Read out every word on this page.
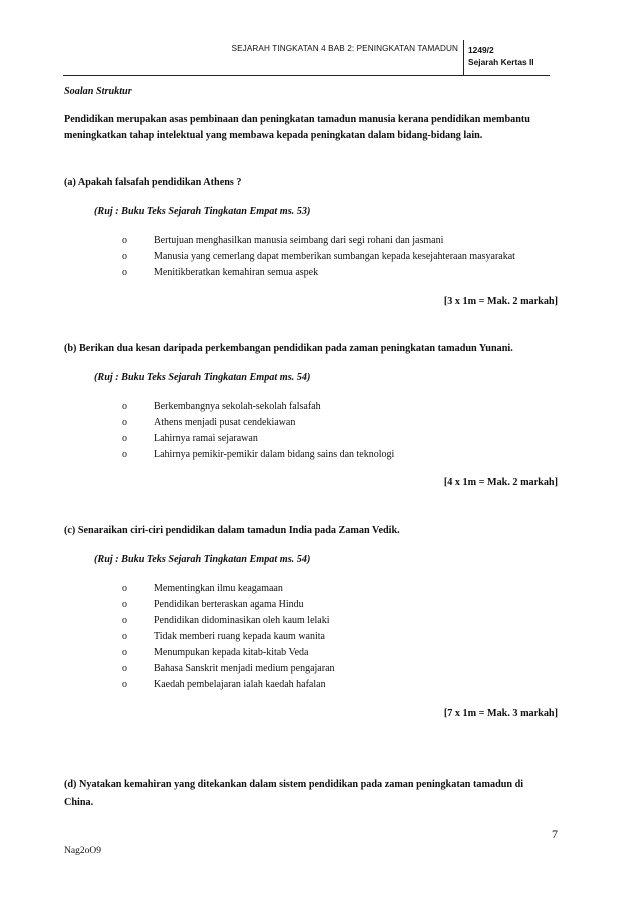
SEJARAH TINGKATAN 4 BAB 2: PENINGKATAN TAMADUN 1249/2
Sejarah Kertas II
Soalan Struktur
Pendidikan merupakan asas pembinaan dan peningkatan tamadun manusia kerana pendidikan membantu
meningkatkan tahap intelektual yang membawa kepada peningkatan dalam bidang-bidang lain.
(a) Apakah falsafah pendidikan Athens ?
(Ruj : Buku Teks Sejarah Tingkatan Empat ms. 53)
o	Bertujuan menghasilkan manusia seimbang dari segi rohani dan jasmani
o	Manusia yang cemerlang dapat memberikan sumbangan kepada kesejahteraan masyarakat
o	Menitikberatkan kemahiran semua aspek
[3 x 1m = Mak. 2 markah]
(b) Berikan dua kesan daripada perkembangan pendidikan pada zaman peningkatan tamadun Yunani.
(Ruj : Buku Teks Sejarah Tingkatan Empat ms. 54)
o	Berkembangnya sekolah-sekolah falsafah
o	Athens menjadi pusat cendekiawan
o	Lahirnya ramai sejarawan
o	Lahirnya pemikir-pemikir dalam bidang sains dan teknologi
[4 x 1m = Mak. 2 markah]
(c) Senaraikan ciri-ciri pendidikan dalam tamadun India pada Zaman Vedik.
(Ruj : Buku Teks Sejarah Tingkatan Empat ms. 54)
o	Mementingkan ilmu keagamaan
o	Pendidikan berteraskan agama Hindu
o	Pendidikan didominasikan oleh kaum lelaki
o	Tidak memberi ruang kepada kaum wanita
o	Menumpukan kepada kitab-kitab Veda
o	Bahasa Sanskrit menjadi medium pengajaran
o	Kaedah pembelajaran ialah kaedah hafalan
[7 x 1m = Mak. 3 markah]
(d) Nyatakan kemahiran yang ditekankan dalam sistem pendidikan pada zaman peningkatan tamadun di
China.
7
Nag2oO9
